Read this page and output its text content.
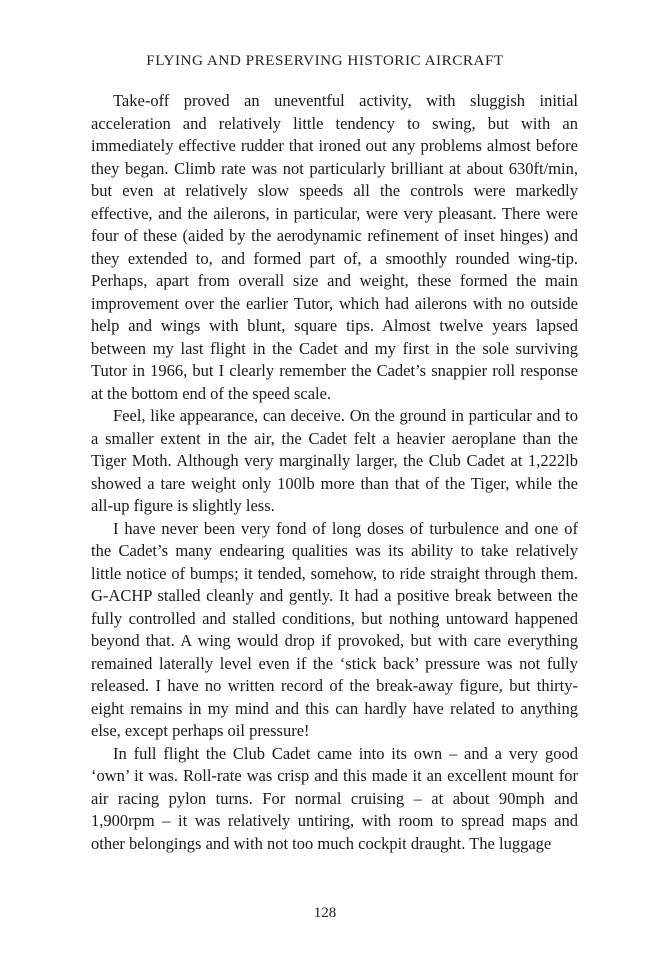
FLYING AND PRESERVING HISTORIC AIRCRAFT

Take-off proved an uneventful activity, with sluggish initial acceleration and relatively little tendency to swing, but with an immediately effective rudder that ironed out any problems almost before they began. Climb rate was not particularly brilliant at about 630ft/min, but even at relatively slow speeds all the controls were markedly effective, and the ailerons, in particular, were very pleasant. There were four of these (aided by the aerodynamic refinement of inset hinges) and they extended to, and formed part of, a smoothly rounded wing-tip. Perhaps, apart from overall size and weight, these formed the main improvement over the earlier Tutor, which had ailerons with no outside help and wings with blunt, square tips. Almost twelve years lapsed between my last flight in the Cadet and my first in the sole surviving Tutor in 1966, but I clearly remember the Cadet’s snappier roll response at the bottom end of the speed scale.

Feel, like appearance, can deceive. On the ground in particular and to a smaller extent in the air, the Cadet felt a heavier aeroplane than the Tiger Moth. Although very marginally larger, the Club Cadet at 1,222lb showed a tare weight only 100lb more than that of the Tiger, while the all-up figure is slightly less.

I have never been very fond of long doses of turbulence and one of the Cadet’s many endearing qualities was its ability to take relatively little notice of bumps; it tended, somehow, to ride straight through them. G-ACHP stalled cleanly and gently. It had a positive break between the fully controlled and stalled conditions, but nothing untoward happened beyond that. A wing would drop if provoked, but with care everything remained laterally level even if the ‘stick back’ pressure was not fully released. I have no written record of the break-away figure, but thirty-eight remains in my mind and this can hardly have related to anything else, except perhaps oil pressure!

In full flight the Club Cadet came into its own – and a very good ‘own’ it was. Roll-rate was crisp and this made it an excellent mount for air racing pylon turns. For normal cruising – at about 90mph and 1,900rpm – it was relatively untiring, with room to spread maps and other belongings and with not too much cockpit draught. The luggage

128
